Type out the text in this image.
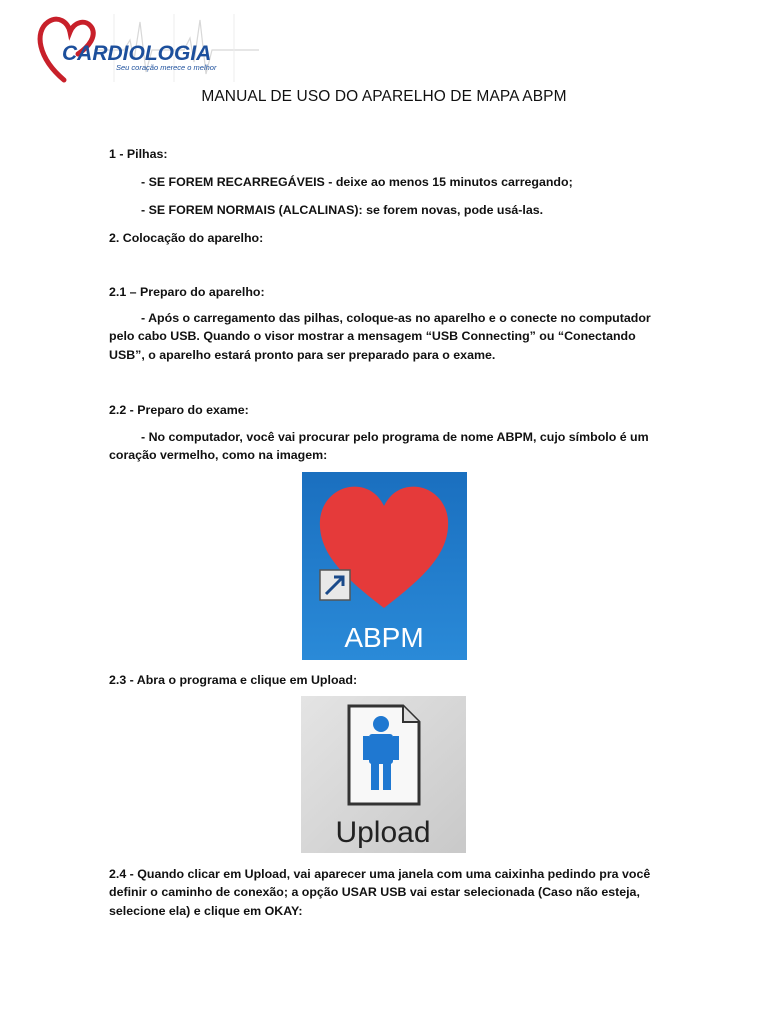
CARDIOLOGIA
Seu coração merece o melhor
MANUAL DE USO DO APARELHO DE MAPA ABPM

1 - Pilhas:

- SE FOREM RECARREGÁVEIS - deixe ao menos 15 minutos carregando;

- SE FOREM NORMAIS (ALCALINAS): se forem novas, pode usá-las.

2. Colocação do aparelho:

2.1 – Preparo do aparelho:

- Após o carregamento das pilhas, coloque-as no aparelho e o conecte no computador pelo cabo USB. Quando o visor mostrar a mensagem “USB Connecting” ou “Conectando USB”, o aparelho estará pronto para ser preparado para o exame.

2.2 - Preparo do exame:

- No computador, você vai procurar pelo programa de nome ABPM, cujo símbolo é um coração vermelho, como na imagem:

2.3 - Abra o programa e clique em Upload:

2.4 - Quando clicar em Upload, vai aparecer uma janela com uma caixinha pedindo pra você definir o caminho de conexão; a opção USAR USB vai estar selecionada (Caso não esteja, selecione ela) e clique em OKAY:

ABPM
Upload
